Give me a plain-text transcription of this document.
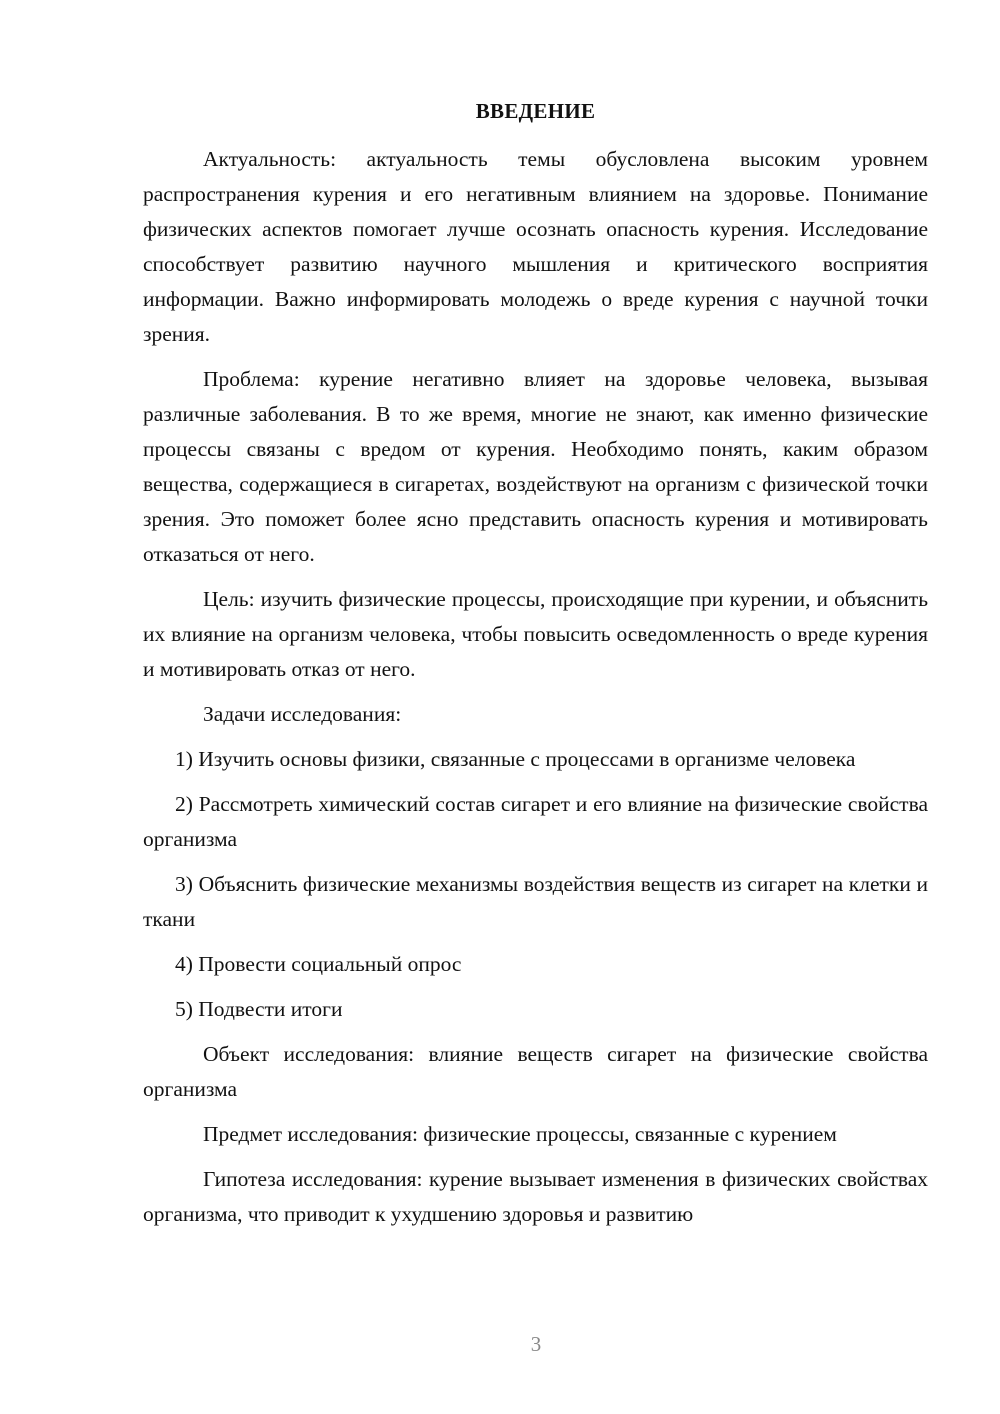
ВВЕДЕНИЕ

Актуальность: актуальность темы обусловлена высоким уровнем распространения курения и его негативным влиянием на здоровье. Понимание физических аспектов помогает лучше осознать опасность курения. Исследование способствует развитию научного мышления и критического восприятия информации. Важно информировать молодежь о вреде курения с научной точки зрения.

Проблема: курение негативно влияет на здоровье человека, вызывая различные заболевания. В то же время, многие не знают, как именно физические процессы связаны с вредом от курения. Необходимо понять, каким образом вещества, содержащиеся в сигаретах, воздействуют на организм с физической точки зрения. Это поможет более ясно представить опасность курения и мотивировать отказаться от него.

Цель: изучить физические процессы, происходящие при курении, и объяснить их влияние на организм человека, чтобы повысить осведомленность о вреде курения и мотивировать отказ от него.

Задачи исследования:

1) Изучить основы физики, связанные с процессами в организме человека

2) Рассмотреть химический состав сигарет и его влияние на физические свойства организма

3) Объяснить физические механизмы воздействия веществ из сигарет на клетки и ткани

4) Провести социальный опрос

5) Подвести итоги

Объект исследования: влияние веществ сигарет на физические свойства организма

Предмет исследования: физические процессы, связанные с курением

Гипотеза исследования: курение вызывает изменения в физических свойствах организма, что приводит к ухудшению здоровья и развитию

3
